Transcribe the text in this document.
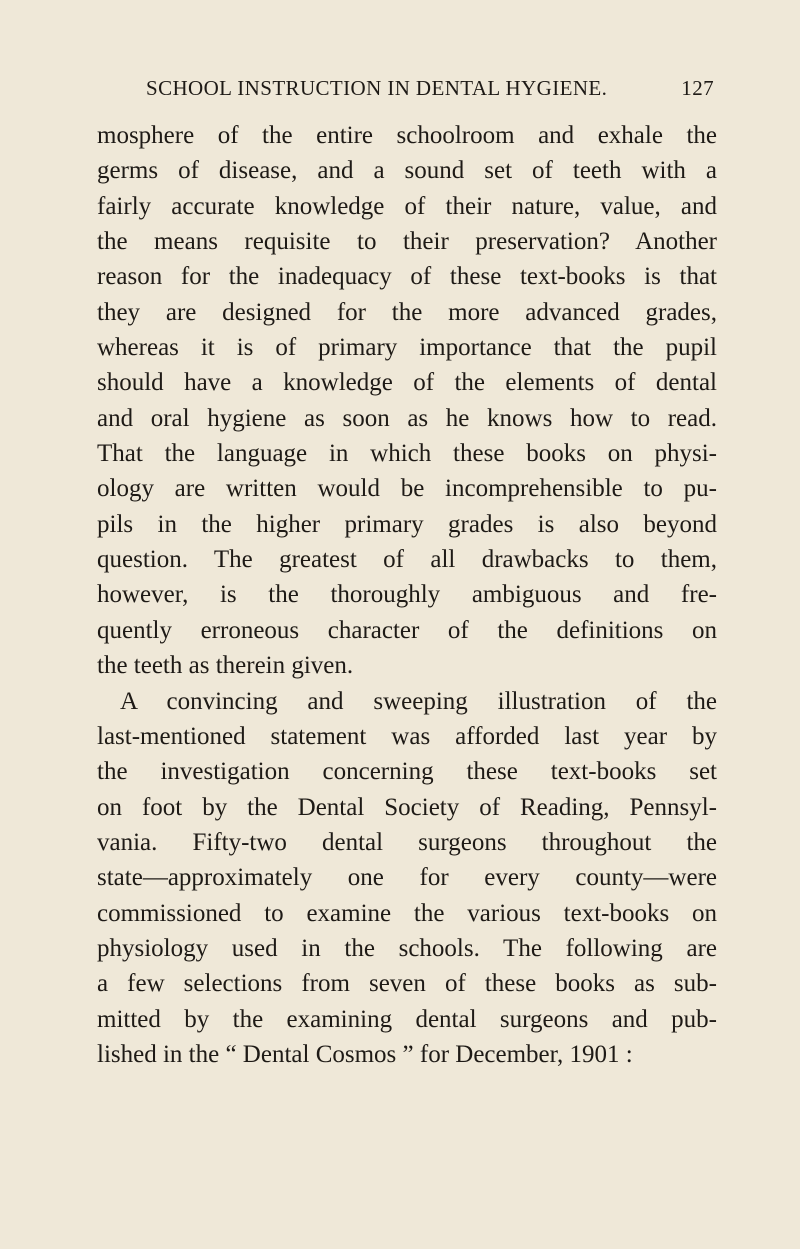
SCHOOL INSTRUCTION IN DENTAL HYGIENE.	127
mosphere of the entire schoolroom and exhale the
germs of disease, and a sound set of teeth with a
fairly accurate knowledge of their nature, value, and
the means requisite to their preservation? Another
reason for the inadequacy of these text-books is that
they are designed for the more advanced grades,
whereas it is of primary importance that the pupil
should have a knowledge of the elements of dental
and oral hygiene as soon as he knows how to read.
That the language in which these books on physi-
ology are written would be incomprehensible to pu-
pils in the higher primary grades is also beyond
question. The greatest of all drawbacks to them,
however, is the thoroughly ambiguous and fre-
quently erroneous character of the definitions on
the teeth as therein given.
A convincing and sweeping illustration of the
last-mentioned statement was afforded last year by
the investigation concerning these text-books set
on foot by the Dental Society of Reading, Pennsyl-
vania. Fifty-two dental surgeons throughout the
state—approximately one for every county—were
commissioned to examine the various text-books on
physiology used in the schools. The following are
a few selections from seven of these books as sub-
mitted by the examining dental surgeons and pub-
lished in the “ Dental Cosmos ” for December, 1901 :
